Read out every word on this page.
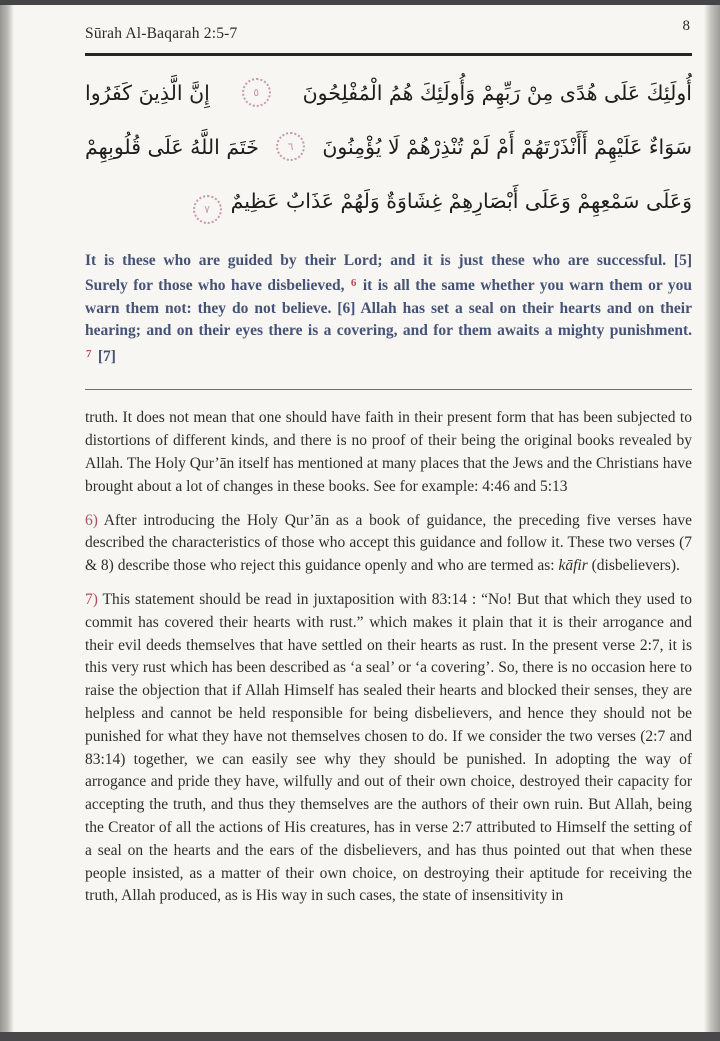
Sūrah Al-Baqarah 2:5-7	8
أُولَئِكَ عَلَى هُدًى مِنْ رَبِّهِمْ وَأُولَئِكَ هُمُ الْمُفْلِحُونَ
٥
إِنَّ الَّذِينَ كَفَرُوا
سَوَاءٌ عَلَيْهِمْ أَأَنْذَرْتَهُمْ أَمْ لَمْ تُنْذِرْهُمْ لَا يُؤْمِنُونَ
٦
خَتَمَ اللَّهُ عَلَى قُلُوبِهِمْ
وَعَلَى سَمْعِهِمْ وَعَلَى أَبْصَارِهِمْ غِشَاوَةٌ وَلَهُمْ عَذَابٌ عَظِيمٌ٧
It is these who are guided by their Lord; and it is just these who are successful. [5] Surely for those who have disbelieved, $^6$ it is all the same whether you warn them or you warn them not: they do not believe. [6] Allah has set a seal on their hearts and on their hearing; and on their eyes there is a covering, and for them awaits a mighty punishment. $^7$ [7]

truth. It does not mean that one should have faith in their present form that has been subjected to distortions of different kinds, and there is no proof of their being the original books revealed by Allah. The Holy Qur’ān itself has mentioned at many places that the Jews and the Christians have brought about a lot of changes in these books. See for example: 4:46 and 5:13

6) After introducing the Holy Qur’ān as a book of guidance, the preceding five verses have described the characteristics of those who accept this guidance and follow it. These two verses (7 & 8) describe those who reject this guidance openly and who are termed as: kāfir (disbelievers).

7) This statement should be read in juxtaposition with 83:14 : “No! But that which they used to commit has covered their hearts with rust.” which makes it plain that it is their arrogance and their evil deeds themselves that have settled on their hearts as rust. In the present verse 2:7, it is this very rust which has been described as ‘a seal’ or ‘a covering’. So, there is no occasion here to raise the objection that if Allah Himself has sealed their hearts and blocked their senses, they are helpless and cannot be held responsible for being disbelievers, and hence they should not be punished for what they have not themselves chosen to do. If we consider the two verses (2:7 and 83:14) together, we can easily see why they should be punished. In adopting the way of arrogance and pride they have, wilfully and out of their own choice, destroyed their capacity for accepting the truth, and thus they themselves are the authors of their own ruin. But Allah, being the Creator of all the actions of His creatures, has in verse 2:7 attributed to Himself the setting of a seal on the hearts and the ears of the disbelievers, and has thus pointed out that when these people insisted, as a matter of their own choice, on destroying their aptitude for receiving the truth, Allah produced, as is His way in such cases, the state of insensitivity in
